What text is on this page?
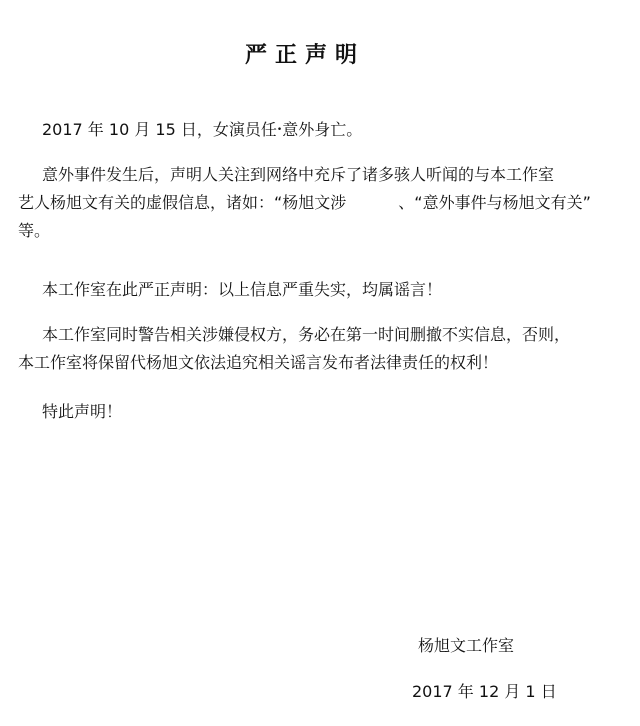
严正声明
2017 年 10 月 15 日，女演员任•意外身亡。
意外事件发生后，声明人关注到网络中充斥了诸多骇人听闻的与本工作室
艺人杨旭文有关的虚假信息，诸如：“杨旭文涉	、“意外事件与杨旭文有关”
等。
本工作室在此严正声明：以上信息严重失实，均属谣言！
本工作室同时警告相关涉嫌侵权方，务必在第一时间删撤不实信息，否则，
本工作室将保留代杨旭文依法追究相关谣言发布者法律责任的权利！
特此声明！
杨旭文工作室
2017 年 12 月 1 日
